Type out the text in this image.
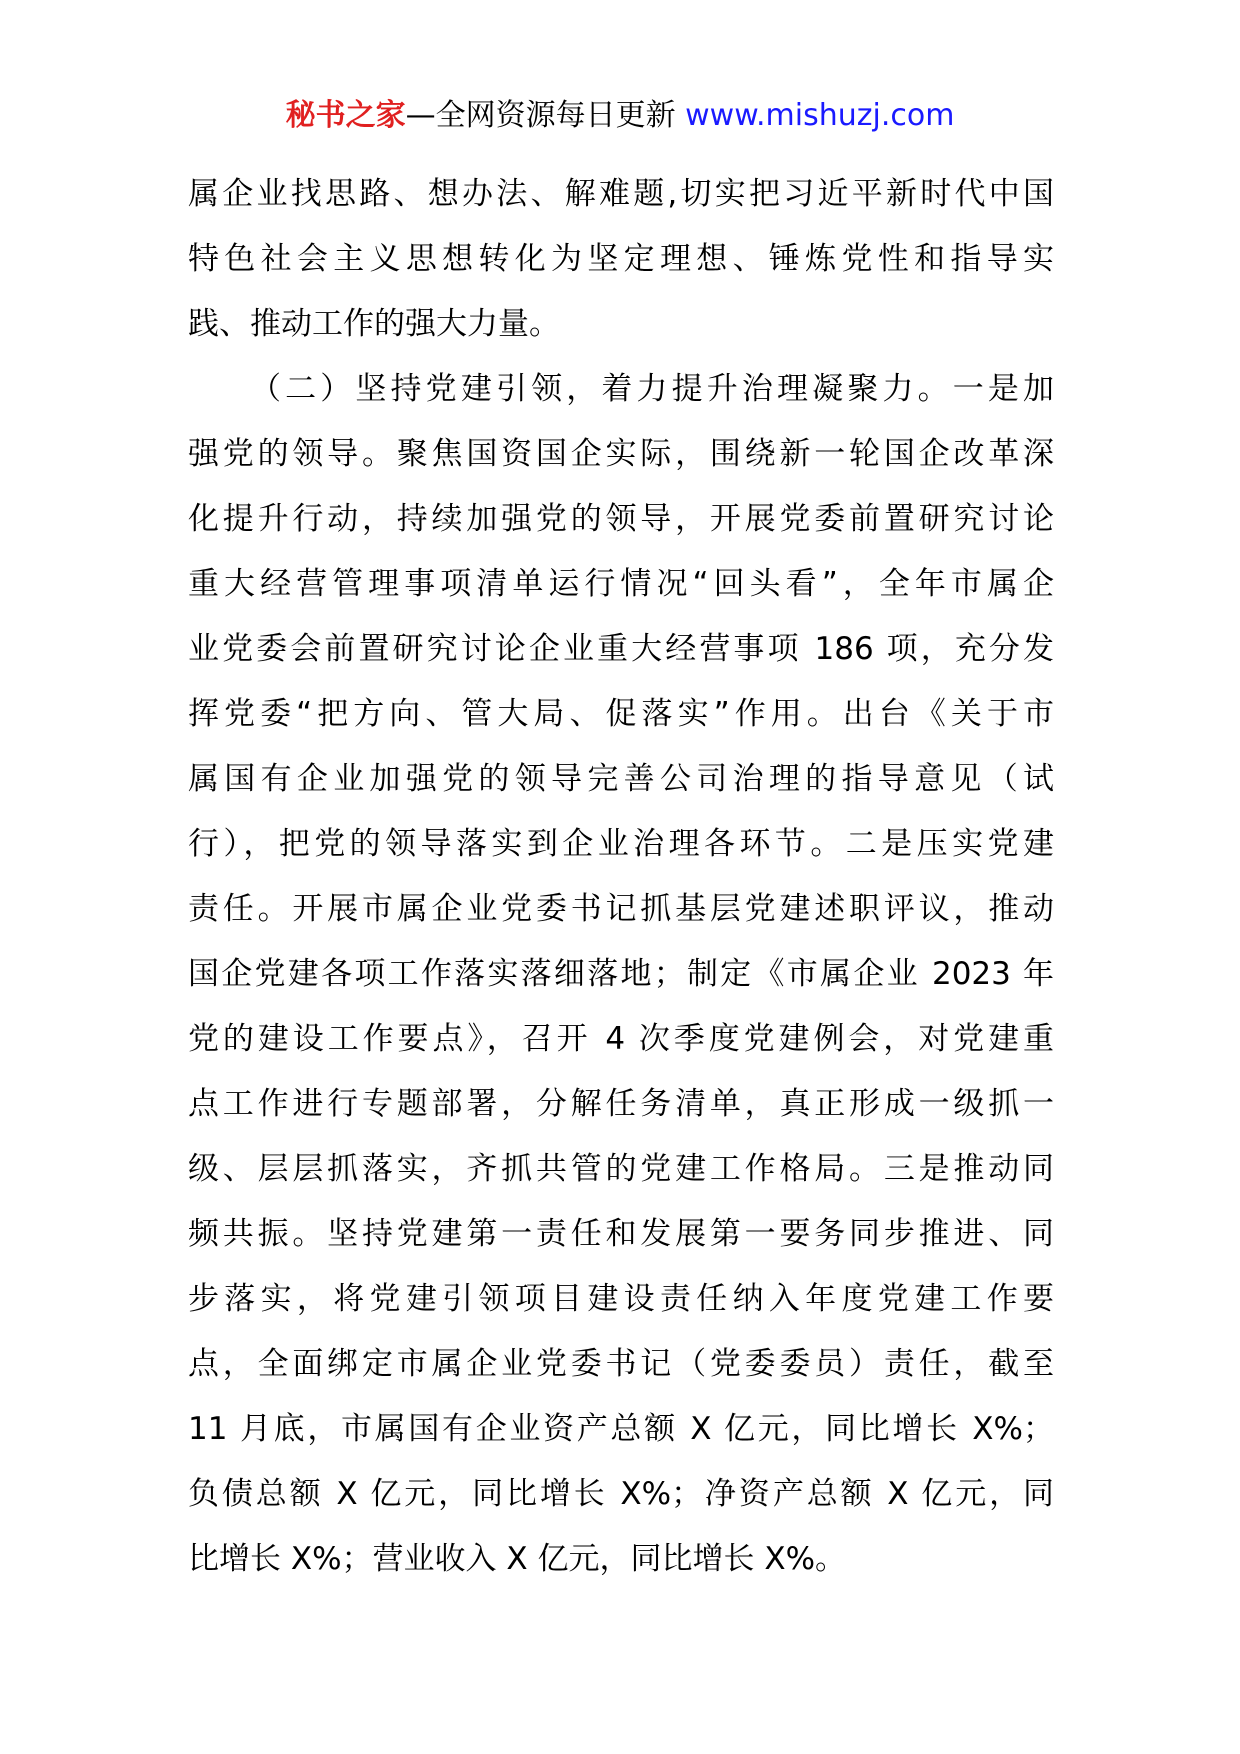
秘书之家—全网资源每日更新 www.mishuzj.com
属企业找思路、想办法、解难题,切实把习近平新时代中国
特色社会主义思想转化为坚定理想、锤炼党性和指导实
践、推动工作的强大力量。
（二）坚持党建引领，着力提升治理凝聚力。一是加
强党的领导。聚焦国资国企实际，围绕新一轮国企改革深
化提升行动，持续加强党的领导，开展党委前置研究讨论
重大经营管理事项清单运行情况“回头看”，全年市属企
业党委会前置研究讨论企业重大经营事项 186 项，充分发
挥党委“把方向、管大局、促落实”作用。出台《关于市
属国有企业加强党的领导完善公司治理的指导意见（试
行），把党的领导落实到企业治理各环节。二是压实党建
责任。开展市属企业党委书记抓基层党建述职评议，推动
国企党建各项工作落实落细落地；制定《市属企业 2023 年
党的建设工作要点》，召开 4 次季度党建例会，对党建重
点工作进行专题部署，分解任务清单，真正形成一级抓一
级、层层抓落实，齐抓共管的党建工作格局。三是推动同
频共振。坚持党建第一责任和发展第一要务同步推进、同
步落实，将党建引领项目建设责任纳入年度党建工作要
点，全面绑定市属企业党委书记（党委委员）责任，截至
11 月底，市属国有企业资产总额 X 亿元，同比增长 X%；
负债总额 X 亿元，同比增长 X%；净资产总额 X 亿元，同
比增长 X%；营业收入 X 亿元，同比增长 X%。
